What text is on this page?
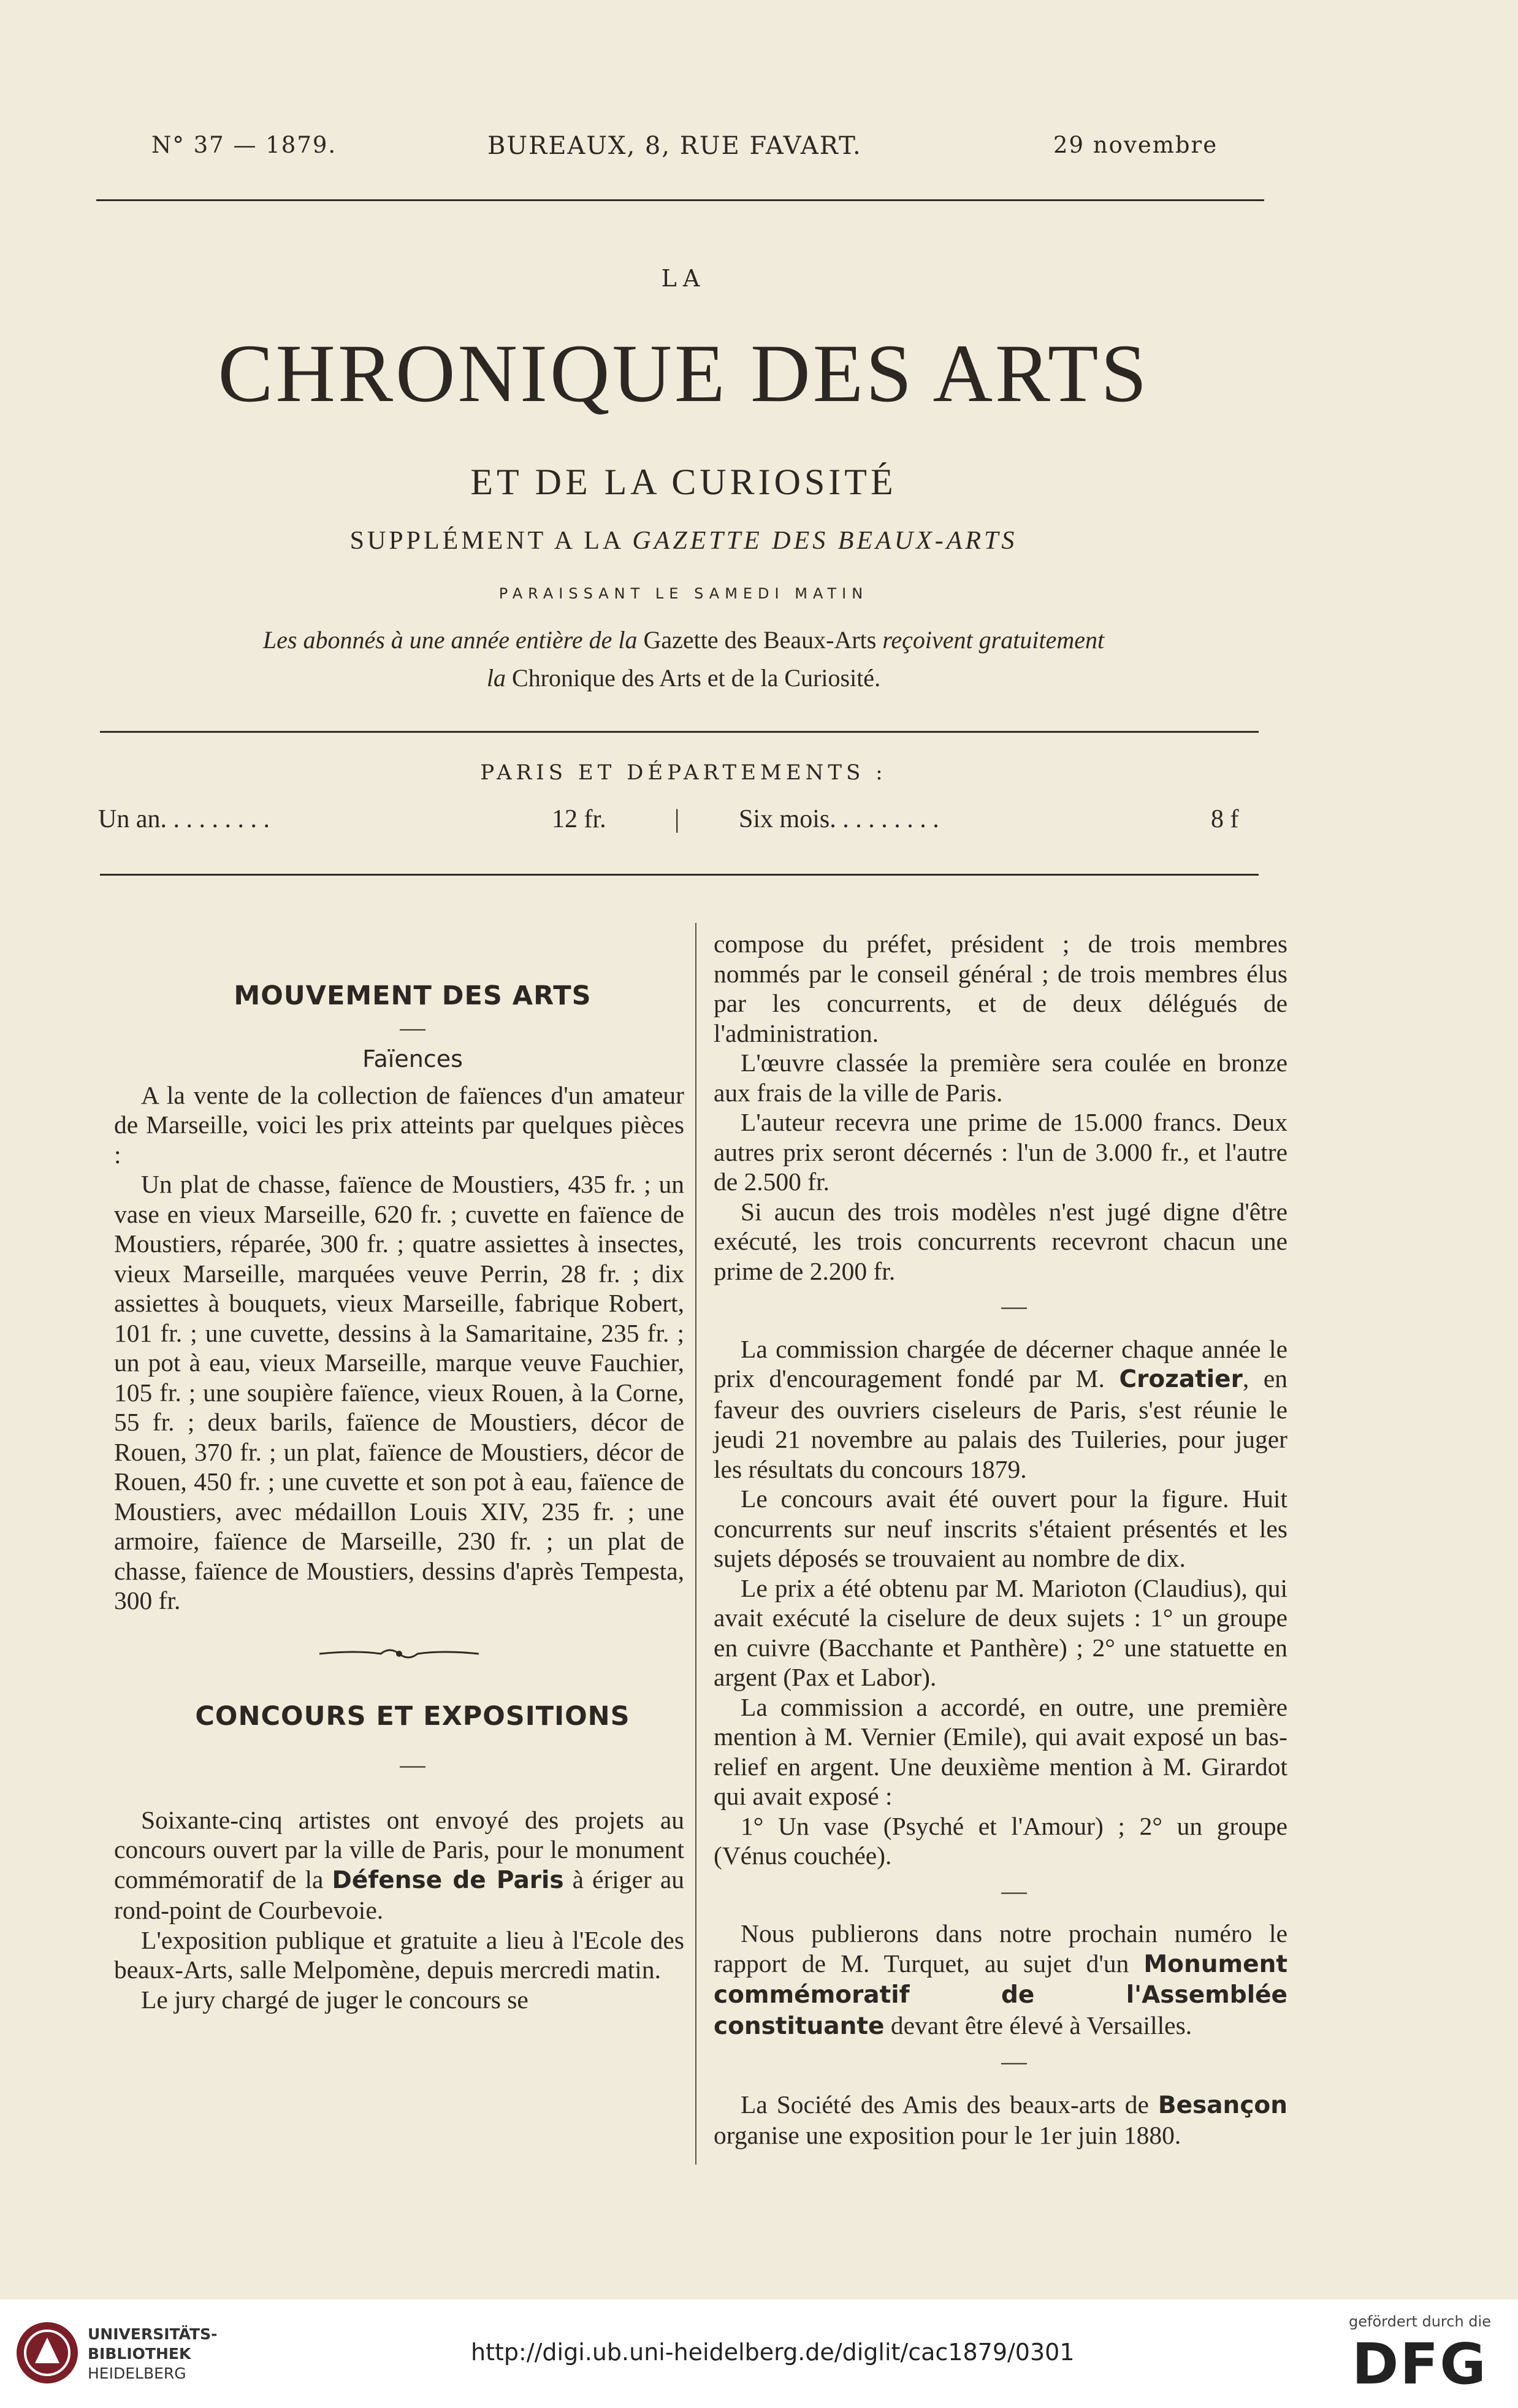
N° 37 — 1879.	BUREAUX, 8, RUE FAVART.	29 novembre
LA
CHRONIQUE DES ARTS
ET DE LA CURIOSITÉ
SUPPLÉMENT A LA GAZETTE DES BEAUX-ARTS
PARAISSANT LE SAMEDI MATIN
Les abonnés à une année entière de la Gazette des Beaux-Arts reçoivent gratuitement
la Chronique des Arts et de la Curiosité.
PARIS ET DÉPARTEMENTS :
Un an. . . . . . . . .	12 fr.	| Six mois. . . . . . . . .	8 f

MOUVEMENT DES ARTS

—

Faïences

A la vente de la collection de faïences d'un amateur de Marseille, voici les prix atteints par quelques pièces :

Un plat de chasse, faïence de Moustiers, 435 fr. ; un vase en vieux Marseille, 620 fr. ; cuvette en faïence de Moustiers, réparée, 300 fr. ; quatre assiettes à insectes, vieux Marseille, marquées veuve Perrin, 28 fr. ; dix assiettes à bouquets, vieux Marseille, fabrique Robert, 101 fr. ; une cuvette, dessins à la Samaritaine, 235 fr. ; un pot à eau, vieux Marseille, marque veuve Fauchier, 105 fr. ; une soupière faïence, vieux Rouen, à la Corne, 55 fr. ; deux barils, faïence de Moustiers, décor de Rouen, 370 fr. ; un plat, faïence de Moustiers, décor de Rouen, 450 fr. ; une cuvette et son pot à eau, faïence de Moustiers, avec médaillon Louis XIV, 235 fr. ; une armoire, faïence de Marseille, 230 fr. ; un plat de chasse, faïence de Moustiers, dessins d'après Tempesta, 300 fr.

CONCOURS ET EXPOSITIONS

—

Soixante-cinq artistes ont envoyé des projets au concours ouvert par la ville de Paris, pour le monument commémoratif de la Défense de Paris à ériger au rond-point de Courbevoie.

L'exposition publique et gratuite a lieu à l'Ecole des beaux-Arts, salle Melpomène, depuis mercredi matin.

Le jury chargé de juger le concours se

compose du préfet, président ; de trois membres nommés par le conseil général ; de trois membres élus par les concurrents, et de deux délégués de l'administration.

L'œuvre classée la première sera coulée en bronze aux frais de la ville de Paris.

L'auteur recevra une prime de 15.000 francs. Deux autres prix seront décernés : l'un de 3.000 fr., et l'autre de 2.500 fr.

Si aucun des trois modèles n'est jugé digne d'être exécuté, les trois concurrents recevront chacun une prime de 2.200 fr.

—

La commission chargée de décerner chaque année le prix d'encouragement fondé par M. Crozatier, en faveur des ouvriers ciseleurs de Paris, s'est réunie le jeudi 21 novembre au palais des Tuileries, pour juger les résultats du concours 1879.

Le concours avait été ouvert pour la figure. Huit concurrents sur neuf inscrits s'étaient présentés et les sujets déposés se trouvaient au nombre de dix.

Le prix a été obtenu par M. Marioton (Claudius), qui avait exécuté la ciselure de deux sujets : 1° un groupe en cuivre (Bacchante et Panthère) ; 2° une statuette en argent (Pax et Labor).

La commission a accordé, en outre, une première mention à M. Vernier (Emile), qui avait exposé un bas-relief en argent. Une deuxième mention à M. Girardot qui avait exposé :

1° Un vase (Psyché et l'Amour) ; 2° un groupe (Vénus couchée).

—

Nous publierons dans notre prochain numéro le rapport de M. Turquet, au sujet d'un Monument commémoratif de l'Assemblée constituante devant être élevé à Versailles.

—

La Société des Amis des beaux-arts de Besançon organise une exposition pour le 1er juin 1880.

UNIVERSITÄTS-
BIBLIOTHEK
HEIDELBERG
http://digi.ub.uni-heidelberg.de/diglit/cac1879/0301
gefördert durch die
DFG
